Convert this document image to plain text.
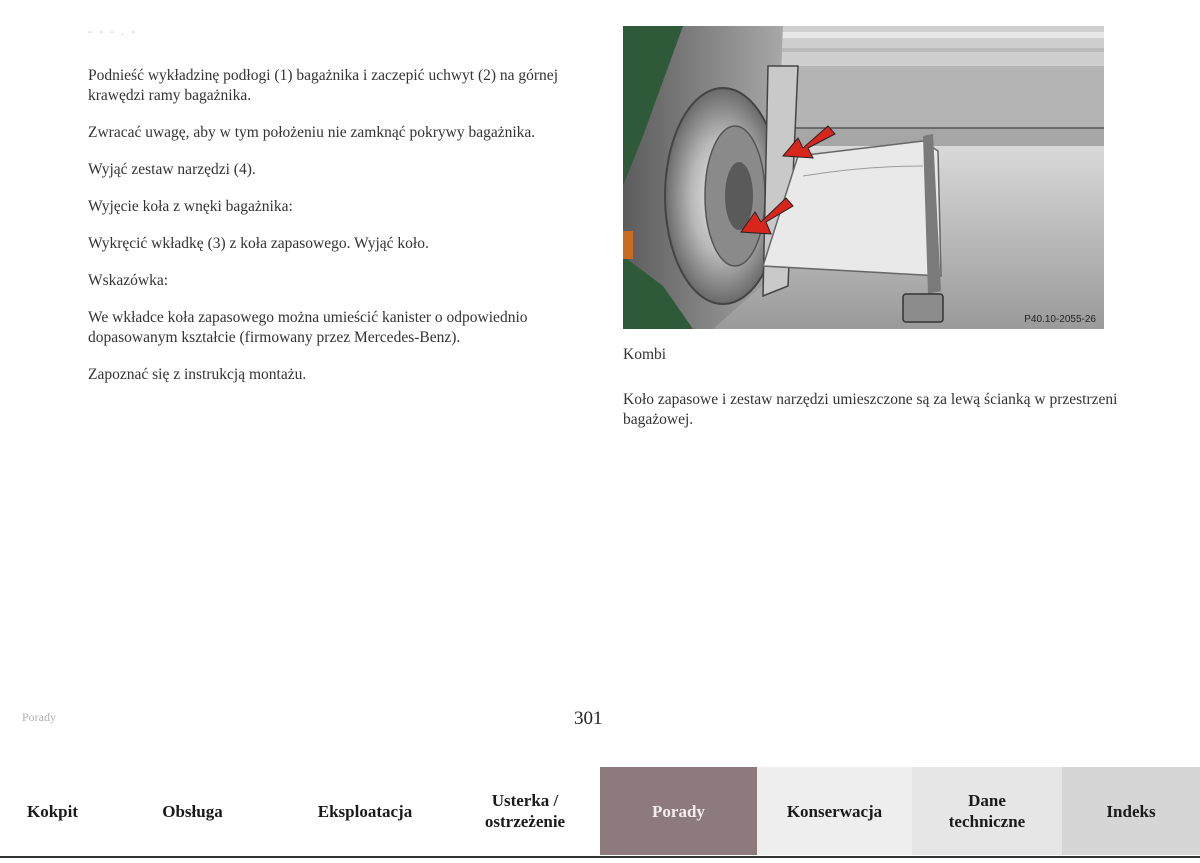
- - - . -

Podnieść wykładzinę podłogi (1) bagażnika i zaczepić uchwyt (2) na górnej krawędzi ramy bagażnika.

Zwracać uwagę, aby w tym położeniu nie zamknąć pokrywy bagażnika.

Wyjąć zestaw narzędzi (4).

Wyjęcie koła z wnęki bagażnika:

Wykręcić wkładkę (3) z koła zapasowego. Wyjąć koło.

Wskazówka:

We wkładce koła zapasowego można umieścić kanister o odpowiednio dopasowanym kształcie (firmowany przez Mercedes-Benz).

Zapoznać się z instrukcją montażu.

P40.10-2055-26
Kombi

Koło zapasowe i zestaw narzędzi umieszczone są za lewą ścianką w przestrzeni bagażowej.

Porady	301
Kokpit	Obsługa	Eksploatacja
Usterka /
ostrzeżenie
Porady	Konserwacja
Dane
techniczne
Indeks
